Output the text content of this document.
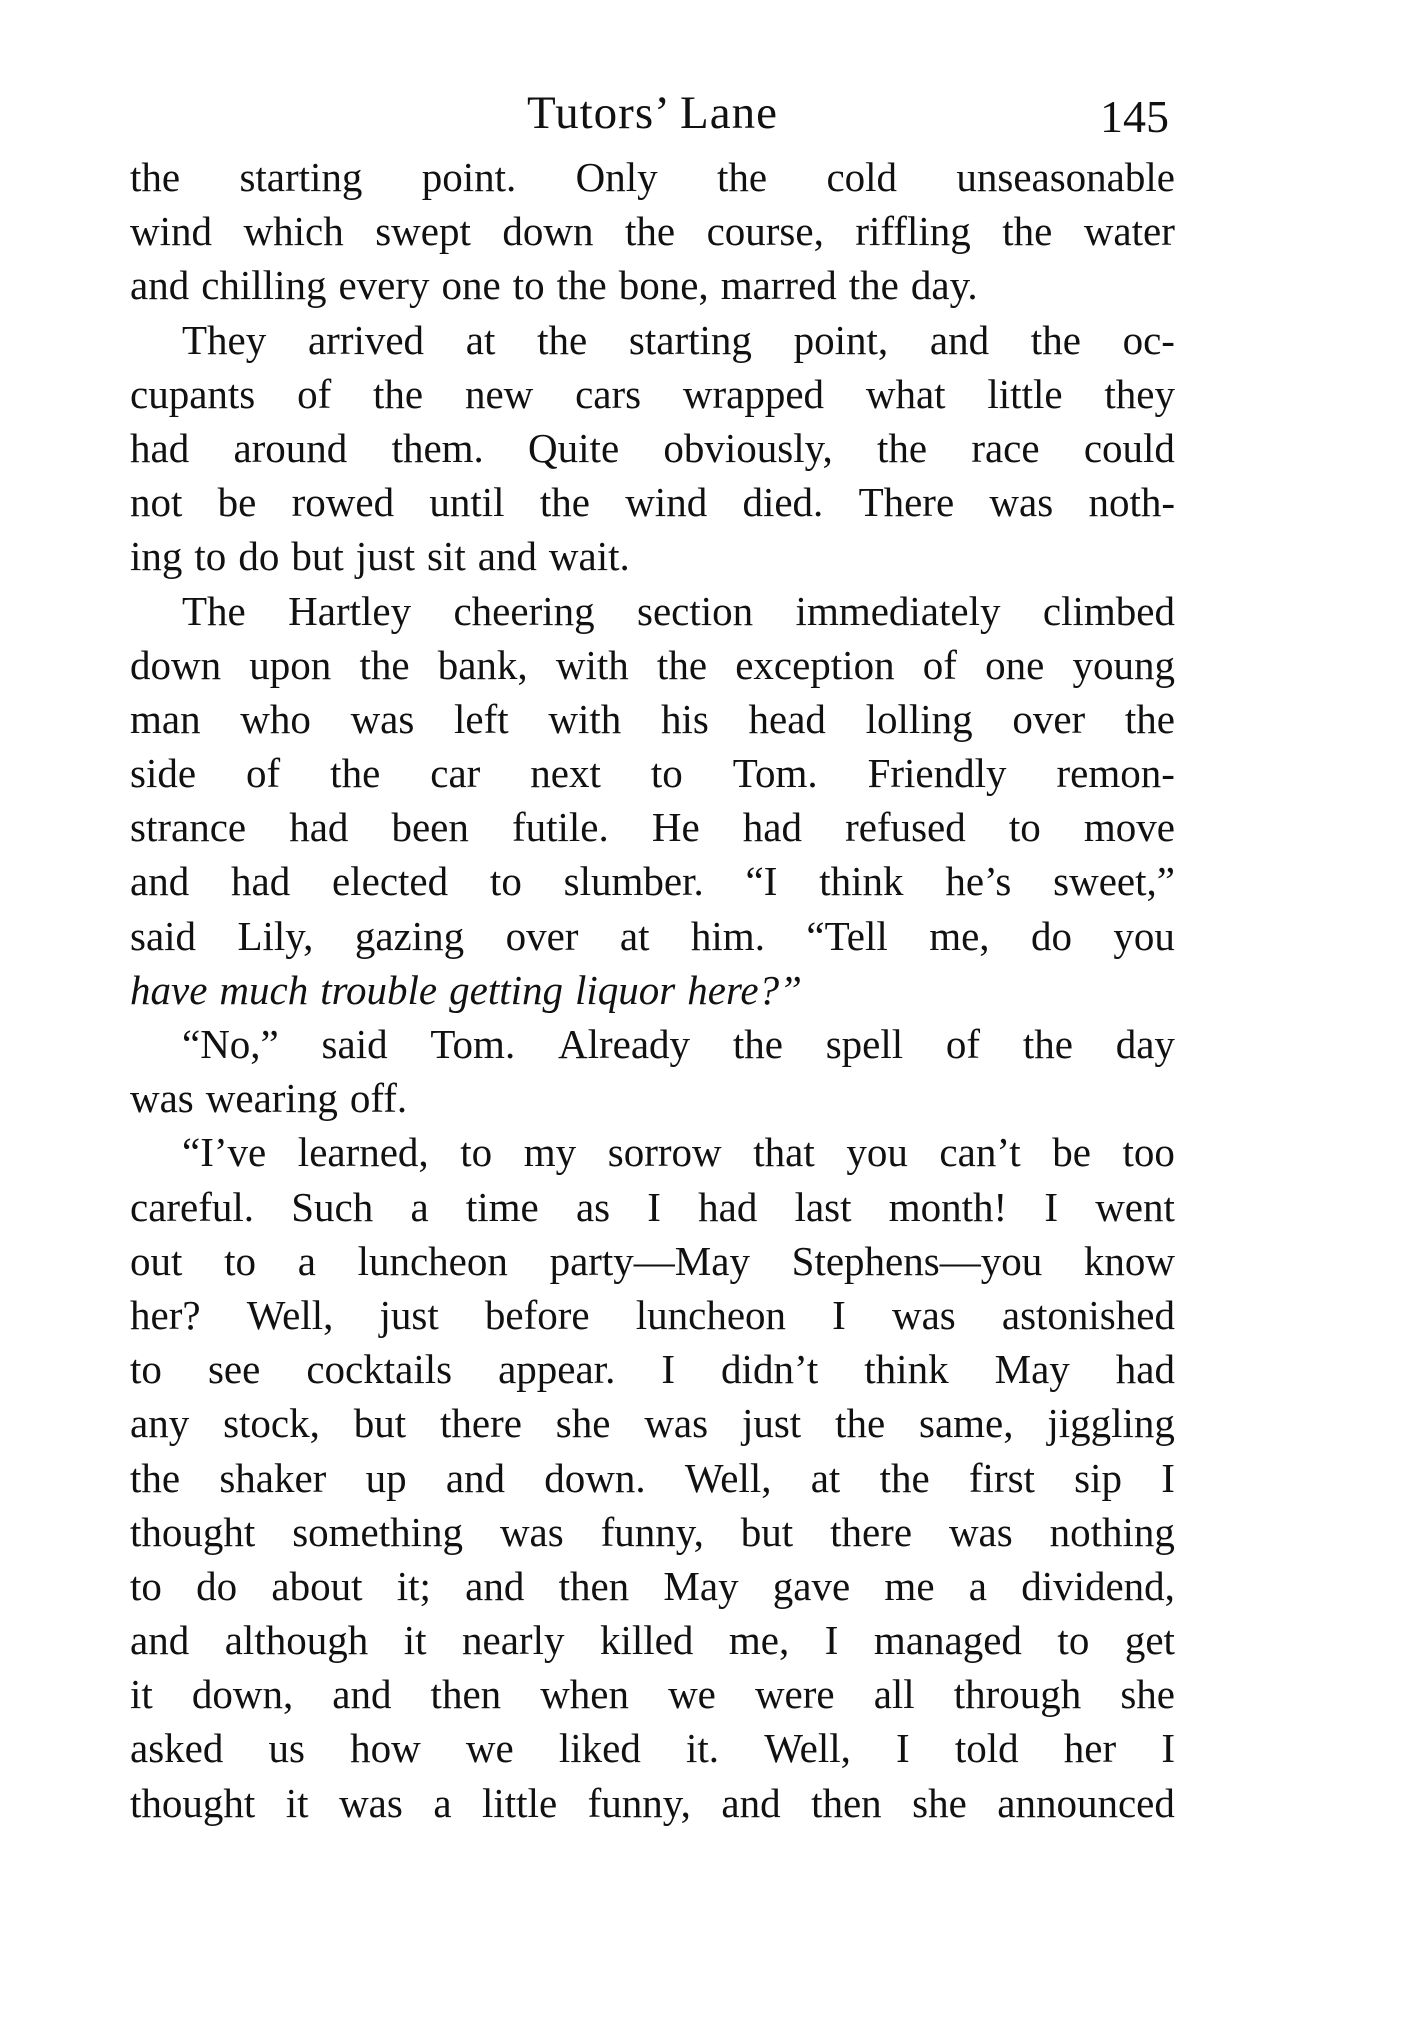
Tutors’ Lane	145
the starting point. Only the cold unseasonable
wind which swept down the course, riffling the water
and chilling every one to the bone, marred the day.
They arrived at the starting point, and the oc-
cupants of the new cars wrapped what little they
had around them. Quite obviously, the race could
not be rowed until the wind died. There was noth-
ing to do but just sit and wait.
The Hartley cheering section immediately climbed
down upon the bank, with the exception of one young
man who was left with his head lolling over the
side of the car next to Tom. Friendly remon-
strance had been futile. He had refused to move
and had elected to slumber. “I think he’s sweet,”
said Lily, gazing over at him. “Tell me, do you
have much trouble getting liquor here?”
“No,” said Tom. Already the spell of the day
was wearing off.
“I’ve learned, to my sorrow that you can’t be too
careful. Such a time as I had last month! I went
out to a luncheon party—May Stephens—you know
her? Well, just before luncheon I was astonished
to see cocktails appear. I didn’t think May had
any stock, but there she was just the same, jiggling
the shaker up and down. Well, at the first sip I
thought something was funny, but there was nothing
to do about it; and then May gave me a dividend,
and although it nearly killed me, I managed to get
it down, and then when we were all through she
asked us how we liked it. Well, I told her I
thought it was a little funny, and then she announced
